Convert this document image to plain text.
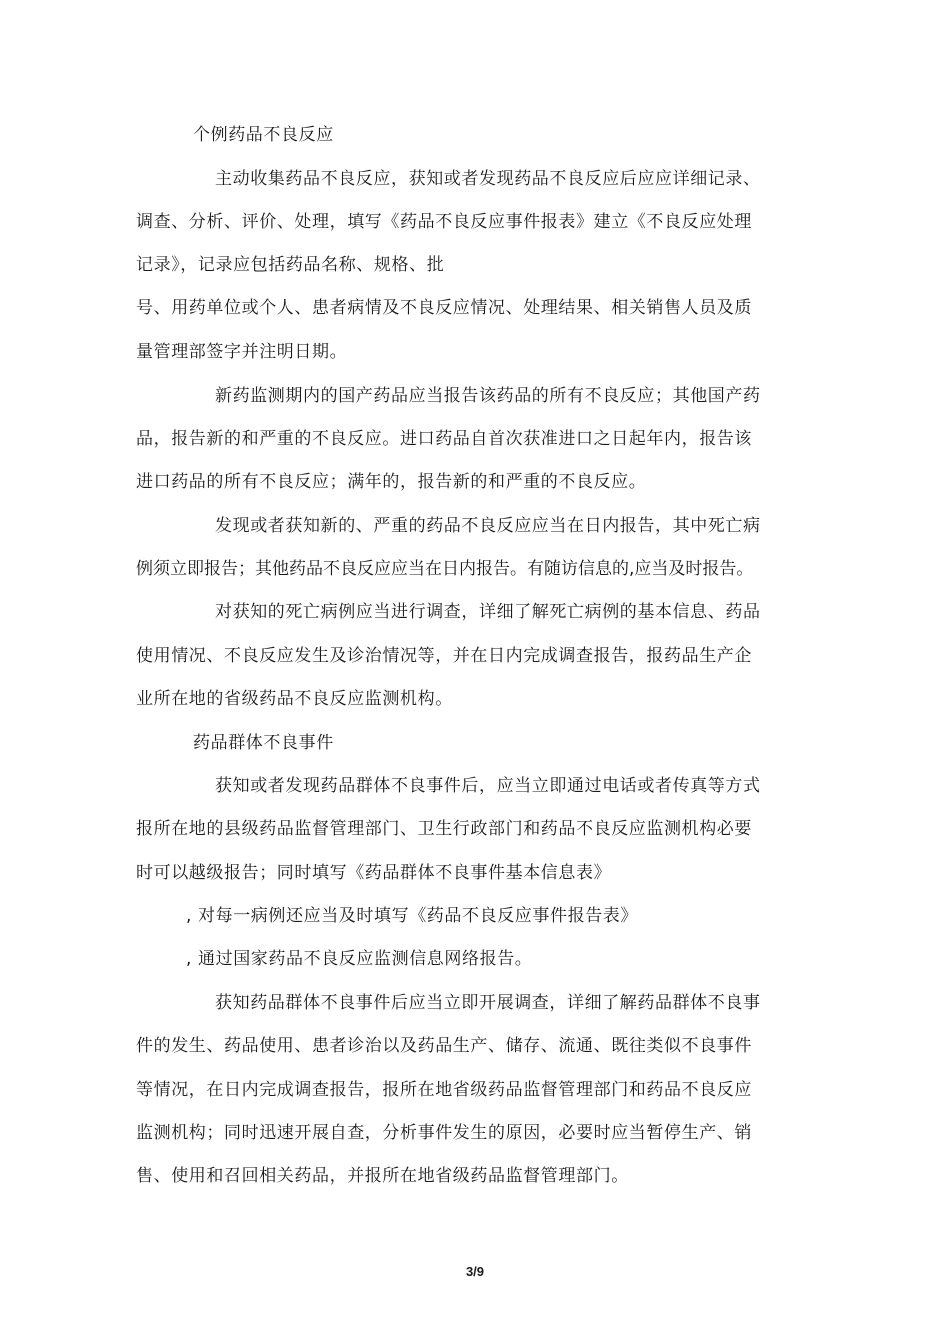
个例药品不良反应
主动收集药品不良反应，获知或者发现药品不良反应后应应详细记录、
调查、分析、评价、处理，填写《药品不良反应事件报表》建立《不良反应处理
记录》，记录应包括药品名称、规格、批
号、用药单位或个人、患者病情及不良反应情况、处理结果、相关销售人员及质
量管理部签字并注明日期。
新药监测期内的国产药品应当报告该药品的所有不良反应；其他国产药
品，报告新的和严重的不良反应。进口药品自首次获准进口之日起年内，报告该
进口药品的所有不良反应；满年的，报告新的和严重的不良反应。
发现或者获知新的、严重的药品不良反应应当在日内报告，其中死亡病
例须立即报告；其他药品不良反应应当在日内报告。有随访信息的,应当及时报告。
对获知的死亡病例应当进行调查，详细了解死亡病例的基本信息、药品
使用情况、不良反应发生及诊治情况等，并在日内完成调查报告，报药品生产企
业所在地的省级药品不良反应监测机构。
药品群体不良事件
获知或者发现药品群体不良事件后，应当立即通过电话或者传真等方式
报所在地的县级药品监督管理部门、卫生行政部门和药品不良反应监测机构必要
时可以越级报告；同时填写《药品群体不良事件基本信息表》
, 对每一病例还应当及时填写《药品不良反应事件报告表》
, 通过国家药品不良反应监测信息网络报告。
获知药品群体不良事件后应当立即开展调查，详细了解药品群体不良事
件的发生、药品使用、患者诊治以及药品生产、储存、流通、既往类似不良事件
等情况，在日内完成调查报告，报所在地省级药品监督管理部门和药品不良反应
监测机构；同时迅速开展自查，分析事件发生的原因，必要时应当暂停生产、销
售、使用和召回相关药品，并报所在地省级药品监督管理部门。
3/9
